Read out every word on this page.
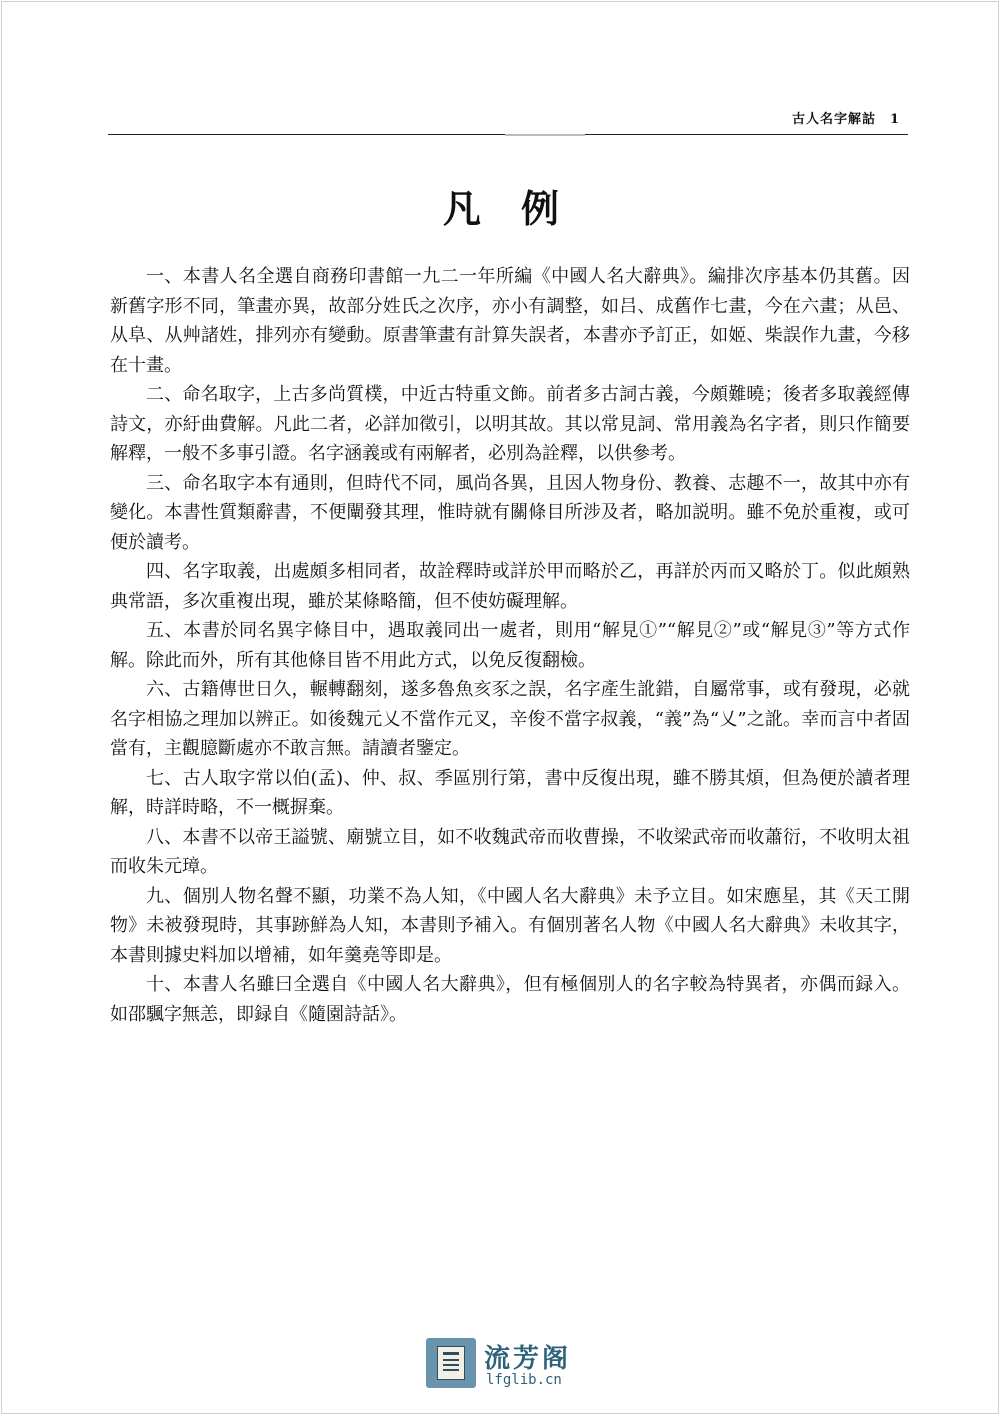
古人名字解詁 1
凡例

一、本書人名全選自商務印書館一九二一年所編《中國人名大辭典》。編排次序基本仍其舊。因新舊字形不同，筆畫亦異，故部分姓氏之次序，亦小有調整，如吕、成舊作七畫，今在六畫；从邑、从阜、从艸諸姓，排列亦有變動。原書筆畫有計算失誤者，本書亦予訂正，如姬、柴誤作九畫，今移在十畫。

二、命名取字，上古多尚質樸，中近古特重文飾。前者多古詞古義，今頗難曉；後者多取義經傳詩文，亦紆曲費解。凡此二者，必詳加徵引，以明其故。其以常見詞、常用義為名字者，則只作簡要解釋，一般不多事引證。名字涵義或有兩解者，必別為詮釋，以供參考。

三、命名取字本有通則，但時代不同，風尚各異，且因人物身份、教養、志趣不一，故其中亦有變化。本書性質類辭書，不便闡發其理，惟時就有關條目所涉及者，略加説明。雖不免於重複，或可便於讀考。

四、名字取義，出處頗多相同者，故詮釋時或詳於甲而略於乙，再詳於丙而又略於丁。似此頗熟典常語，多次重複出現，雖於某條略簡，但不使妨礙理解。

五、本書於同名異字條目中，遇取義同出一處者，則用“解見①”“解見②”或“解見③”等方式作解。除此而外，所有其他條目皆不用此方式，以免反復翻檢。

六、古籍傳世日久，輾轉翻刻，遂多魯魚亥豕之誤，名字產生訛錯，自屬常事，或有發現，必就名字相協之理加以辨正。如後魏元乂不當作元叉，辛俊不當字叔義，“義”為“乂”之訛。幸而言中者固當有，主觀臆斷處亦不敢言無。請讀者鑒定。

七、古人取字常以伯(孟)、仲、叔、季區別行第，書中反復出現，雖不勝其煩，但為便於讀者理解，時詳時略，不一概摒棄。

八、本書不以帝王謚號、廟號立目，如不收魏武帝而收曹操，不收梁武帝而收蕭衍，不收明太祖而收朱元璋。

九、個別人物名聲不顯，功業不為人知，《中國人名大辭典》未予立目。如宋應星，其《天工開物》未被發現時，其事跡鮮為人知，本書則予補入。有個別著名人物《中國人名大辭典》未收其字，本書則據史料加以增補，如年羹堯等即是。

十、本書人名雖曰全選自《中國人名大辭典》，但有極個別人的名字較為特異者，亦偶而録入。如邵颿字無恙，即録自《隨園詩話》。

流芳阁
lfglib.cn
